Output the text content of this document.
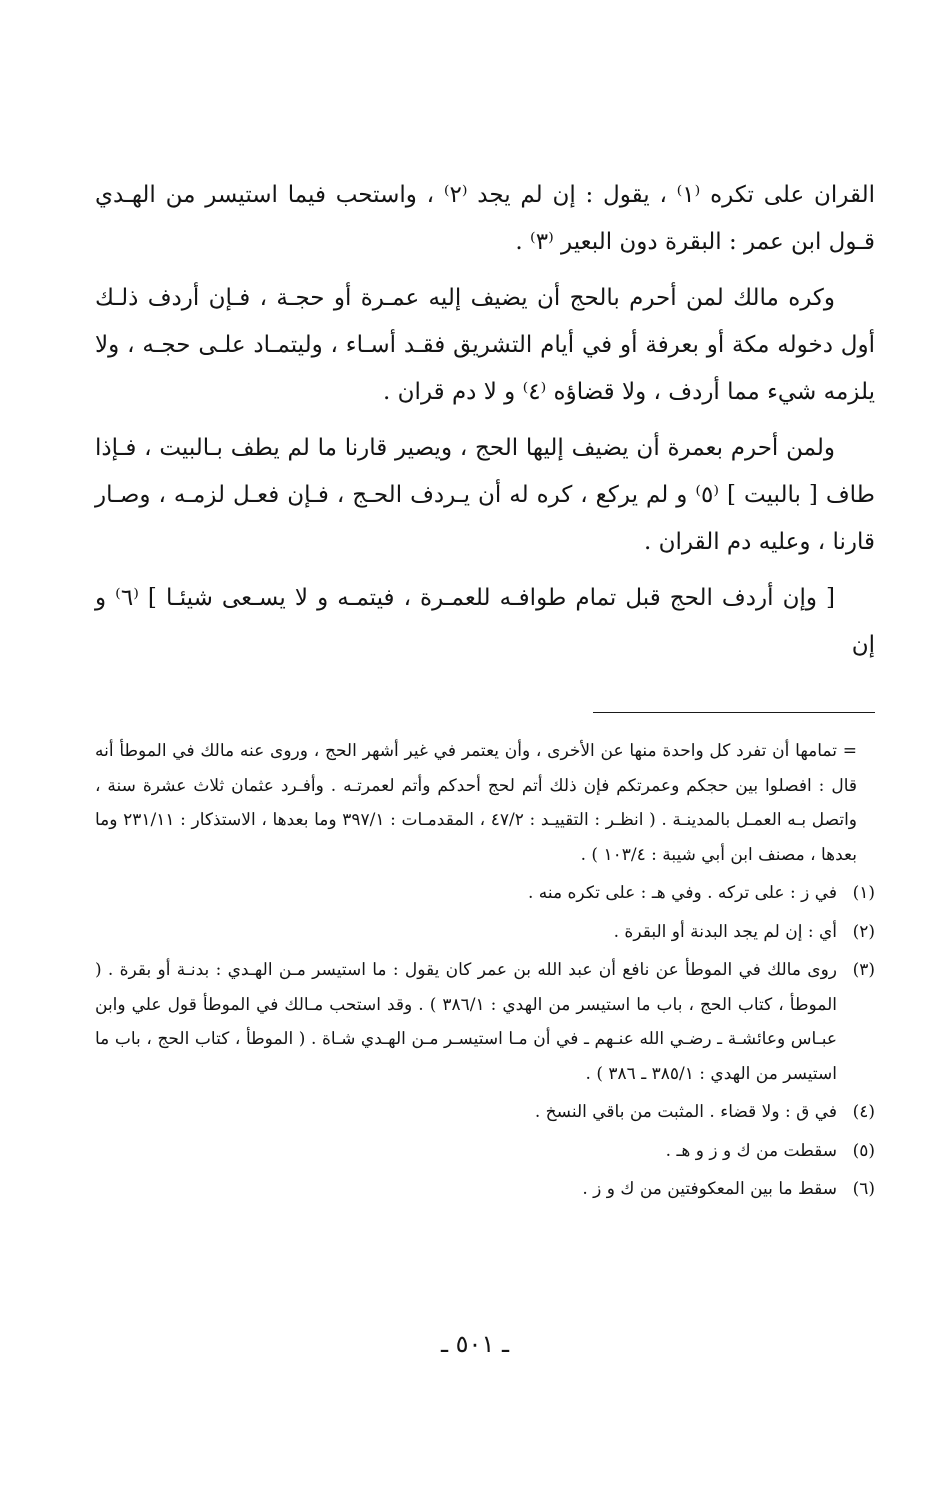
القران على تكره ⁽١⁾ ، يقول : إن لم يجد ⁽٢⁾ ، واستحب فيما استيسر من الهـدي قـول ابن عمر : البقرة دون البعير ⁽٣⁾ .

وكره مالك لمن أحرم بالحج أن يضيف إليه عمـرة أو حجـة ، فـإن أردف ذلـك أول دخوله مكة أو بعرفة أو في أيام التشريق فقـد أسـاء ، وليتمـاد علـى حجـه ، ولا يلزمه شيء مما أردف ، ولا قضاؤه ⁽٤⁾ و لا دم قران .

ولمن أحرم بعمرة أن يضيف إليها الحج ، ويصير قارنا ما لم يطف بـالبيت ، فـإذا طاف [ بالبيت ] ⁽٥⁾ و لم يركع ، كره له أن يـردف الحـج ، فـإن فعـل لزمـه ، وصـار قارنا ، وعليه دم القران .

[ وإن أردف الحج قبل تمام طوافـه للعمـرة ، فيتمـه و لا يسـعى شيئـا ] ⁽٦⁾ و إن

= تمامها أن تفرد كل واحدة منها عن الأخرى ، وأن يعتمر في غير أشهر الحج ، وروى عنه مالك في الموطأ أنه قال : افصلوا بين حجكم وعمرتكم فإن ذلك أتم لحج أحدكم وأتم لعمرتـه . وأفـرد عثمان ثلاث عشرة سنة ، واتصل بـه العمـل بالمدينـة . ( انظـر : التقييـد : ٤٧/٢ ، المقدمـات : ٣٩٧/١ وما بعدها ، الاستذكار : ٢٣١/١١ وما بعدها ، مصنف ابن أبي شيبة : ١٠٣/٤ ) .

(١)
في ز : على تركه . وفي هـ : على تكره منه .
(٢)
أي : إن لم يجد البدنة أو البقرة .
(٣)
روى مالك في الموطأ عن نافع أن عبد الله بن عمر كان يقول : ما استيسر مـن الهـدي : بدنـة أو بقرة . ( الموطأ ، كتاب الحج ، باب ما استيسر من الهدي : ٣٨٦/١ ) . وقد استحب مـالك في الموطأ قول علي وابن عبـاس وعائشـة ـ رضـي الله عنـهم ـ في أن مـا استيسـر مـن الهـدي شـاة . ( الموطأ ، كتاب الحج ، باب ما استيسر من الهدي : ٣٨٥/١ ـ ٣٨٦ ) .
(٤)
في ق : ولا قضاء . المثبت من باقي النسخ .
(٥)
سقطت من ك و ز و هـ .
(٦)
سقط ما بين المعكوفتين من ك و ز .
ـ ٥٠١ ـ
